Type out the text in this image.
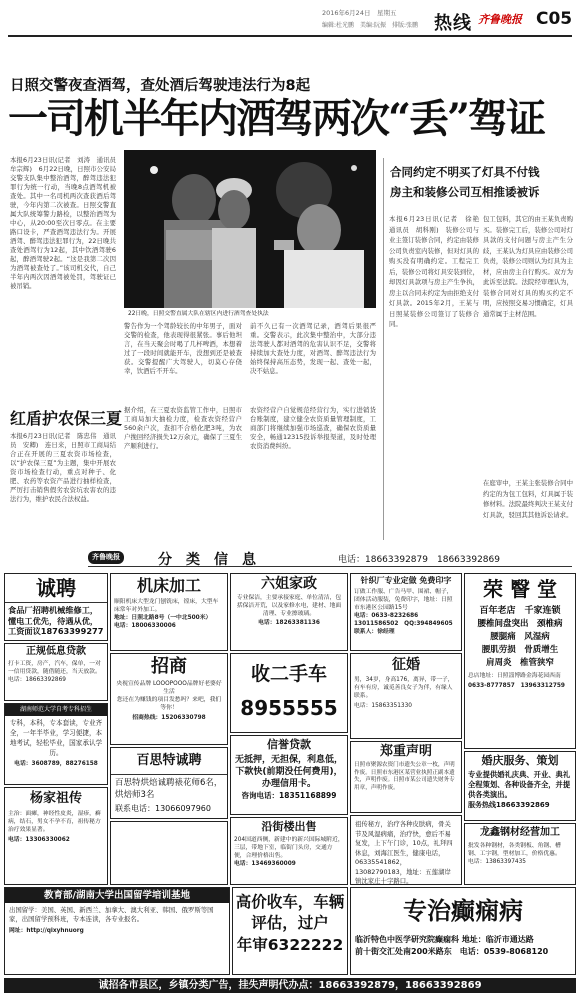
2016年6月24日　星期五
编辑:杜光鹏　美编:阮振　排版:张鹏 热线 齐鲁晚报 C05
日照交警夜查酒驾，查处酒后驾驶违法行为8起
一司机半年内酒驾两次“丢”驾证
本报6月23日讯(记者　刘涛　通讯员　牟宗辉)　6月22日晚，日照市公安局交警支队集中整治酒驾，醉驾违法犯罪行为统一行动，当晚8点酒驾机被查处。其中一名司机两次查获酒后驾驶，今年内第二次被查。日照交警直属大队统筹警力路检，以整治酒驾为中心，从20:00至次日零点。在主要路口设卡，严查酒驾违法行为。开展酒驾、醉驾违法犯罪行为，22日晚共查处酒驾行为12起，其中饮酒驾驶6起，醉酒驾驶2起。“这是我第二次因为酒驾被查处了。”该司机交代，自己半年内两次因酒驾被处罚，驾驶证已被吊销。
22日晚，日照交警直属大队在辖区内进行酒驾查处执法
警告作为一个驾龄较长的中年男子，面对交警的检查，他表现得很紧张。事后他坦言，在当天聚会时喝了几杯啤酒，本想着过了一段时间就能开车，没想到还是被查获。交警提醒广大驾驶人，切莫心存侥幸，饮酒后不开车。
前不久已有一次酒驾记录，酒驾后果很严重。交警表示，此次集中整治中，大部分违法驾驶人都对酒驾的危害认识不足，交警将持续加大查处力度，对酒驾、醉驾违法行为始终保持高压态势，发现一起、查处一起，决不姑息。
合同约定不明买了灯具不付钱
房主和装修公司互相推诿被诉
本报6月23日讯(记者　徐艳　通讯员　胡科刚)　装修公司与业主签订装修合同，约定由装修公司负责室内装修，但对灯具的购买没有明确约定。工程完工后，装修公司将灯具安装到位，却因灯具款项与房主产生争执，房主以合同未约定为由拒绝支付灯具款。2015年2月，王某与日照某装修公司签订了装修合同。
包工包料，其它的由王某负责购买。装修完工后，装修公司对灯具款的支付问题与房主产生分歧，王某认为灯具应由装修公司负责，装修公司则认为灯具为主材，应由房主自行购买。双方为此诉至法院。法院经审理认为，装修合同对灯具的购买约定不明，应按照交易习惯确定，灯具通常属于主材范围。
在庭审中，王某主张装修合同中约定的为包工包料，灯具属于装修材料。法院最终判决王某支付灯具款，驳回其其他诉讼请求。
红盾护农保三夏
本报6月23日讯(记者　陈忠伟　通讯员　安卿)　连日来，日照市工商局结合正在开展的三夏农资市场检查，以“护农保三夏”为主题，集中开展农资市场检查行动，重点对种子、化肥、农药等农资产品进行抽样检查，严厉打击销售假劣农资坑农害农的违法行为，维护农民合法权益。
据介绍，在三夏农资监管工作中，日照市工商局加大抽检力度，检查农资经营户560余户次，查扣不合格化肥3吨，为农户挽回经济损失12万余元，确保了三夏生产顺利进行。
农资经营户自觉规范经营行为，实行进销货台账制度，建立健全农资质量管理制度，工商部门将继续加强市场巡查，确保农资质量安全，畅通12315投诉举报渠道，及时处理农资消费纠纷。
齐鲁晚报	分　类　信　息	电话：18663392879　18663392869
诚聘
食品厂招聘机械维修工，懂电工优先，待遇从优，工资面议18763399277
机床加工
顺阳机床大型龙门刨铣床，镗床，大型车床常年对外加工。
地址：日照北路8号（一中北500米）
电话：18006330006
六姐家政
专业保洁，主要承接家庭、单位清洁，包括保洁开荒，以及家修水电，建材、地面清理、专业擦玻璃。
电话：18263381136
针织厂专业定做 免费印字
订做工作服、广告马甲、围裙、帽子，团体活动服装，免费印字，地址：日照市东港区公园路15号
电话：0633-8232686　13011586502　QQ:394849605　联系人：徐经理
荣 瞖 堂
百年老店　千家连锁
腰椎间盘突出　颈椎病
腰腿痛　风湿病
腰肌劳损　骨质增生
肩周炎　椎管狭窄
总店地址：日照淄博路金海花园西南
0633-8777857　13963312759
正规低息贷款
打卡工资，房产，汽车，保单，一对一信用贷款，随借随还，当天放款。
电话：18663392869
招商
央视宣传品牌 LOOOPOOO品牌好老婆好生活
您还在为赚钱的项目发愁吗？来吧，我们等你！
招商热线：15206330798
收二手车
8955555
征婚
男，34岁，身高176，离异，带一子，有车有房，诚觅善良女子为伴，有缘人联系。
电话：15863351330
湖南师范大学自考专科招生
专科，本科，专本套读，专业齐全，一年半毕业，学习便捷，本地考试，轻松毕业，国家承认学历。
电话：3608789，88276158
信誉贷款
无抵押，无担保，利息低，下款快(前期没任何费用)，办理信用卡。
咨询电话：18351168899
郑重声明
日照市聚源农资门市遗失公章一枚，声明作废。日照市东港区某营业执照正副本遗失，声明作废。日照市某公司遗失财务专用章，声明作废。
婚庆服务、策划
专业提供婚礼庆典、开业、典礼全程策划、各种设备齐全，并提供各类演出。
服务热线18663392869
杨家祖传
主治：面瘫，神经性皮炎，湿疹，癣病，结石，男女不孕不育，祖传秘方治疗效果显著。
电话：13306330062
百思特诚聘
百思特烘焙诚聘裱花师6名，烘焙师3名
联系电话：13066097960
沿街楼出售
204国道西侧，新建中的新兴国际城附近，三层，带地下室，临街门头房，交通方便，合理价格出售。
电话：13469360009
祖传秘方，治疗各种皮肤病，骨关节及风湿病痛，治疗快，愈后不易复发，上下午门诊，10点，礼拜四休息，刘海江医生，健康电话，06335541862，13082790183，地址：五莲湖岸镇沈家庄十字路口。
龙鑫钢材经营加工
批发各种钢材，各类钢板、角钢、槽钢、工字钢，型材加工，价格优惠。
电话：13863397435
教育部/湖南大学出国留学培训基地
出国留学：美国、英国、新西兰、加拿大、澳大利亚、韩国、俄罗斯等国家，出国留学预科班，专本连读，各专业报名。
网址：http://qixyhnuorg
高价收车，车辆评估，过户
年审6322222
专治癫痫病
临沂特色中医学研究院癫痫科 地址：临沂市通达路
前十街交汇处南200米路东　电话：0539-8068120
诚招各市县区，乡镇分类广告，挂失声明代办点：18663392879，18663392869
